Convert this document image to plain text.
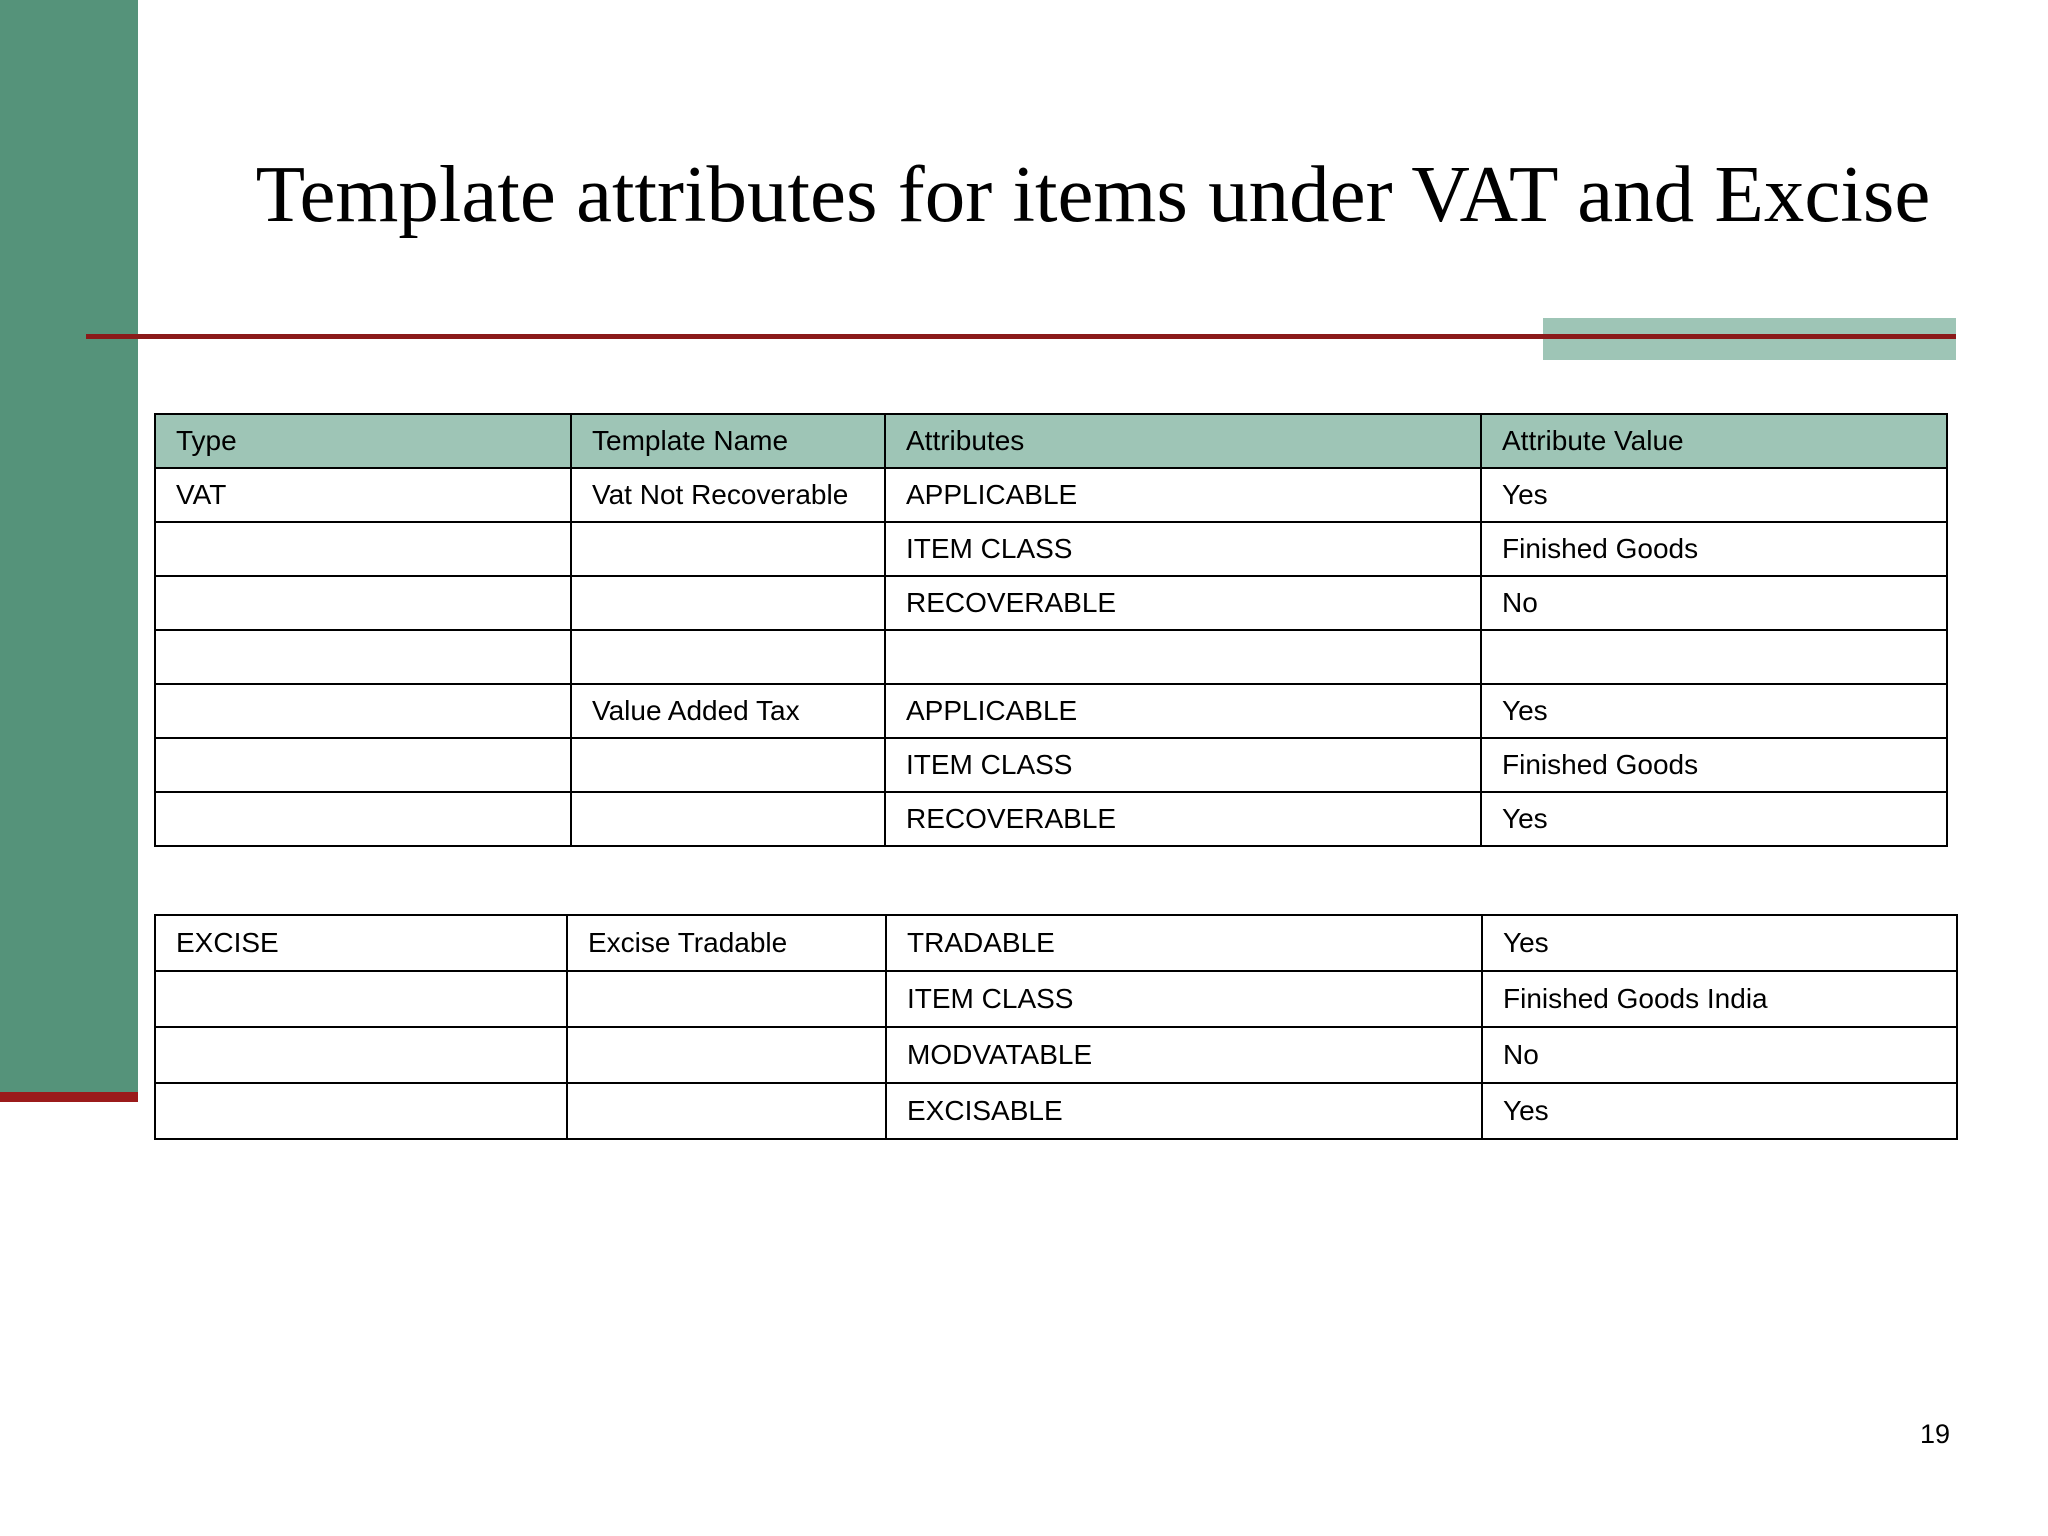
Template attributes for items under VAT and Excise
Type	Template Name	Attributes	Attribute Value
VAT	Vat Not Recoverable	APPLICABLE	Yes
		ITEM CLASS	Finished Goods
		RECOVERABLE	No

	Value Added Tax	APPLICABLE	Yes
		ITEM CLASS	Finished Goods
		RECOVERABLE	Yes
EXCISE	Excise Tradable	TRADABLE	Yes
		ITEM CLASS	Finished Goods India
		MODVATABLE	No
		EXCISABLE	Yes
19
